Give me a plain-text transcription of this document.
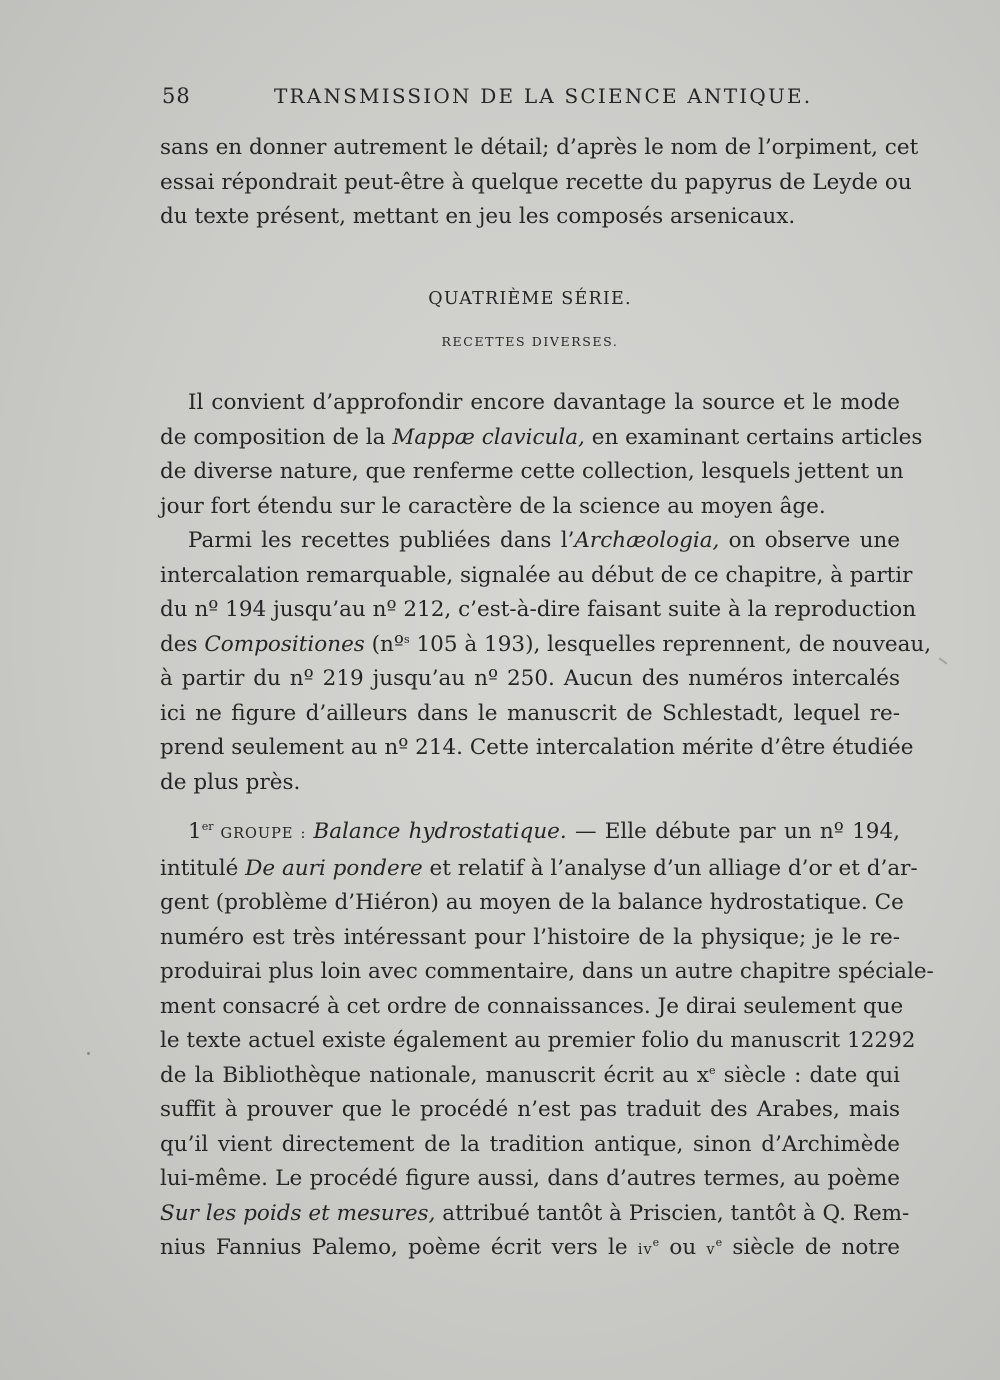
58	TRANSMISSION DE LA SCIENCE ANTIQUE.
sans en donner autrement le détail; d’après le nom de l’orpiment, cet
essai répondrait peut-être à quelque recette du papyrus de Leyde ou
du texte présent, mettant en jeu les composés arsenicaux.
QUATRIÈME SÉRIE.
RECETTES DIVERSES.
Il convient d’approfondir encore davantage la source et le mode
de composition de la Mappæ clavicula, en examinant certains articles
de diverse nature, que renferme cette collection, lesquels jettent un
jour fort étendu sur le caractère de la science au moyen âge.
Parmi les recettes publiées dans l’Archæologia, on observe une
intercalation remarquable, signalée au début de ce chapitre, à partir
du nº 194 jusqu’au nº 212, c’est-à-dire faisant suite à la reproduction
des Compositiones (nº$^s$ 105 à 193), lesquelles reprennent, de nouveau,
à partir du nº 219 jusqu’au nº 250. Aucun des numéros intercalés
ici ne figure d’ailleurs dans le manuscrit de Schlestadt, lequel re-
prend seulement au nº 214. Cette intercalation mérite d’être étudiée
de plus près.
1er GROUPE : Balance hydrostatique. — Elle débute par un nº 194,
intitulé De auri pondere et relatif à l’analyse d’un alliage d’or et d’ar-
gent (problème d’Hiéron) au moyen de la balance hydrostatique. Ce
numéro est très intéressant pour l’histoire de la physique; je le re-
produirai plus loin avec commentaire, dans un autre chapitre spéciale-
ment consacré à cet ordre de connaissances. Je dirai seulement que
le texte actuel existe également au premier folio du manuscrit 12292
de la Bibliothèque nationale, manuscrit écrit au $x^e$ siècle : date qui
suffit à prouver que le procédé n’est pas traduit des Arabes, mais
qu’il vient directement de la tradition antique, sinon d’Archimède
lui-même. Le procédé figure aussi, dans d’autres termes, au poème
Sur les poids et mesures, attribué tantôt à Priscien, tantôt à Q. Rem-
nius Fannius Palemo, poème écrit vers le $iv^e$ ou $v^e$ siècle de notre
